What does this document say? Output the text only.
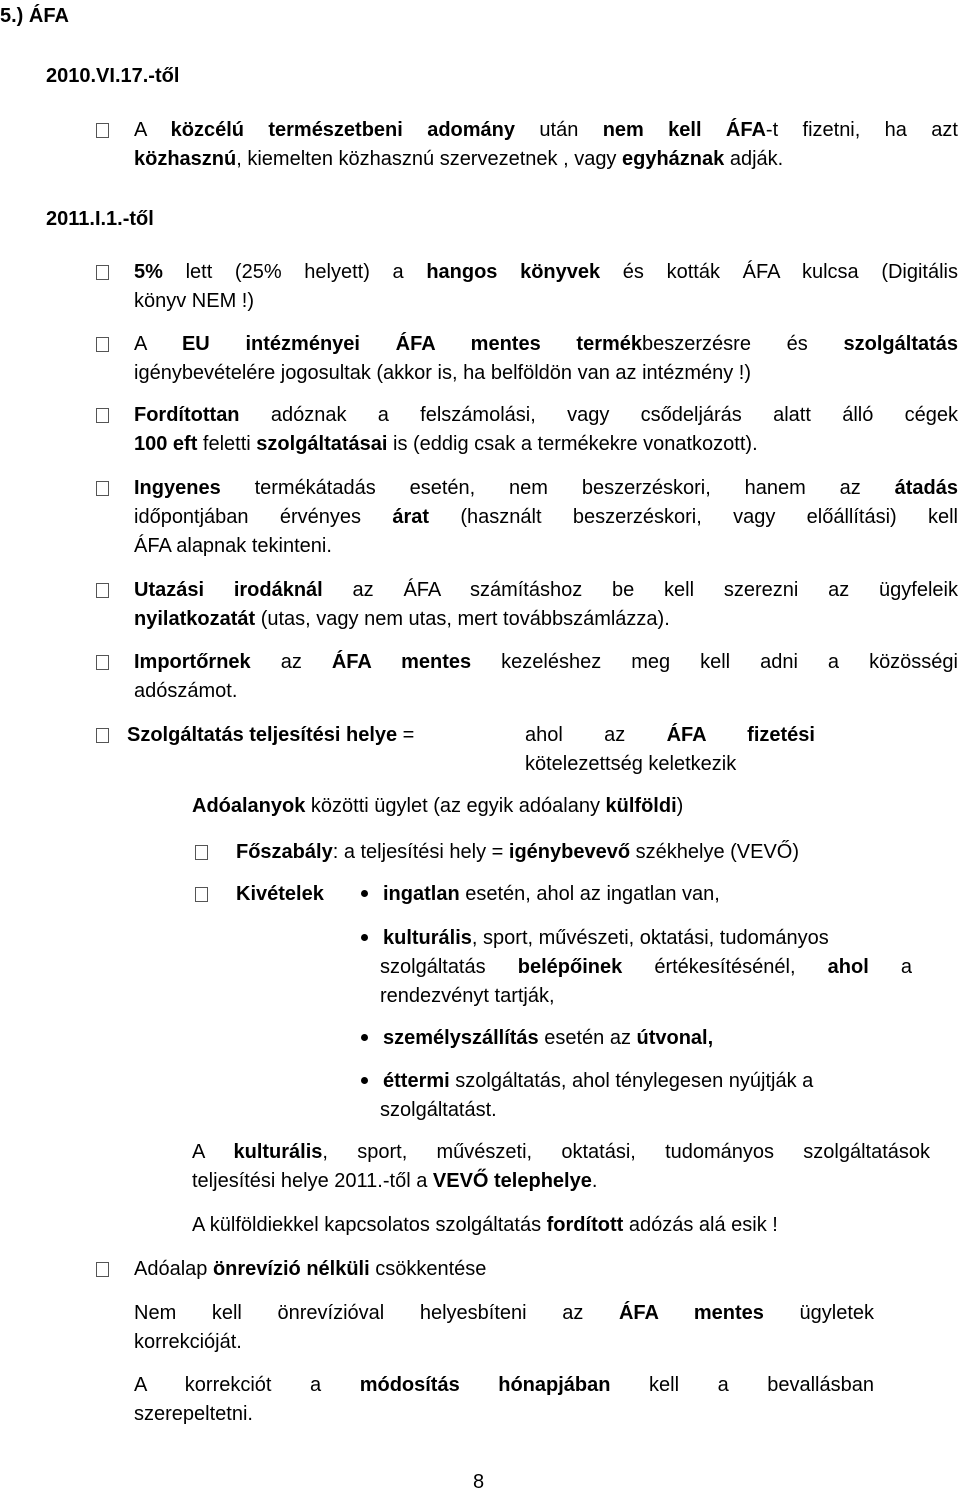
5.) ÁFA
2010.VI.17.-től
A közcélú természetbeni adomány után nem kell ÁFA-t fizetni, ha azt
közhasznú, kiemelten közhasznú szervezetnek , vagy egyháznak adják.
2011.I.1.-től
5% lett (25% helyett) a hangos könyvek és kották ÁFA kulcsa (Digitális
könyv NEM !)
A EU intézményei ÁFA mentes termékbeszerzésre és szolgáltatás
igénybevételére jogosultak (akkor is, ha belföldön van az intézmény !)
Fordítottan adóznak a felszámolási, vagy csődeljárás alatt álló cégek
100 eft feletti szolgáltatásai is (eddig csak a termékekre vonatkozott).
Ingyenes termékátadás esetén, nem beszerzéskori, hanem az átadás
időpontjában érvényes árat (használt beszerzéskori, vagy előállítási) kell
ÁFA alapnak tekinteni.
Utazási irodáknál az ÁFA számításhoz be kell szerezni az ügyfeleik
nyilatkozatát (utas, vagy nem utas, mert továbbszámlázza).
Importőrnek az ÁFA mentes kezeléshez meg kell adni a közösségi
adószámot.
Szolgáltatás teljesítési helye =	ahol az ÁFA fizetési
kötelezettség keletkezik
Adóalanyok közötti ügylet (az egyik adóalany külföldi)
Főszabály: a teljesítési hely = igénybevevő székhelye (VEVŐ)
Kivételek	ingatlan esetén, ahol az ingatlan van,
kulturális, sport, művészeti, oktatási, tudományos
szolgáltatás belépőinek értékesítésénél, ahol a
rendezvényt tartják,
személyszállítás esetén az útvonal,
éttermi szolgáltatás, ahol ténylegesen nyújtják a
szolgáltatást.
A kulturális, sport, művészeti, oktatási, tudományos szolgáltatások
teljesítési helye 2011.-től a VEVŐ telephelye.
A külföldiekkel kapcsolatos szolgáltatás fordított adózás alá esik !
Adóalap önrevízió nélküli csökkentése
Nem kell önrevízióval helyesbíteni az ÁFA mentes ügyletek
korrekcióját.
A korrekciót a módosítás hónapjában kell a bevallásban
szerepeltetni.
8
